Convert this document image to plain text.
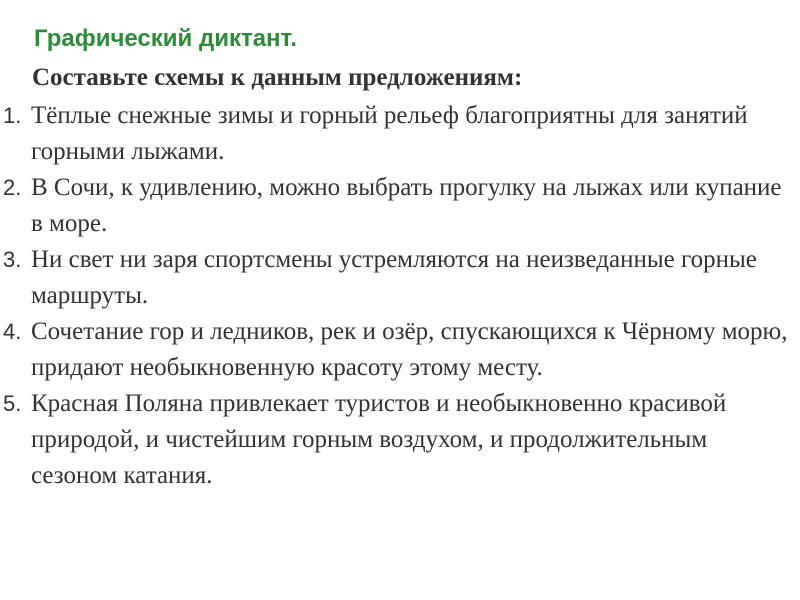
Графический диктант.
Составьте схемы к данным предложениям:
1. Тёплые снежные зимы и горный рельеф благоприятны для занятий горными лыжами.
2. В Сочи, к удивлению, можно выбрать прогулку на лыжах или купание в море.
3. Ни свет ни заря спортсмены устремляются на неизведанные горные маршруты.
4. Сочетание гор и ледников, рек и озёр, спускающихся к Чёрному морю, придают необыкновенную красоту этому месту.
5. Красная Поляна привлекает туристов и необыкновенно красивой природой, и чистейшим горным воздухом, и продолжительным сезоном катания.
